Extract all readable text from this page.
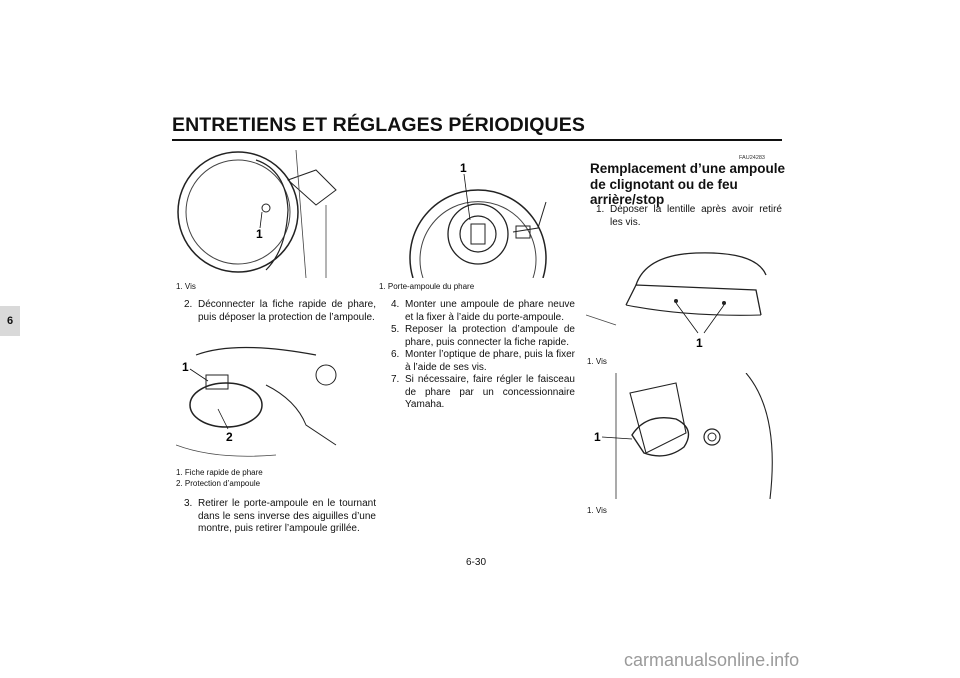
ENTRETIENS ET RÉGLAGES PÉRIODIQUES
6
1
1. Vis
2. Déconnecter la fiche rapide de phare, puis déposer la protection de l’ampoule.
1
2
1. Fiche rapide de phare
2. Protection d’ampoule
3. Retirer le porte-ampoule en le tournant dans le sens inverse des aiguilles d’une montre, puis retirer l’ampoule grillée.
1
1. Porte-ampoule du phare
4. Monter une ampoule de phare neuve et la fixer à l’aide du porte-ampoule.
5. Reposer la protection d’ampoule de phare, puis connecter la fiche rapide.
6. Monter l’optique de phare, puis la fixer à l’aide de ses vis.
7. Si nécessaire, faire régler le faisceau de phare par un concessionnaire Yamaha.
FAU24283
Remplacement d’une ampoule de clignotant ou de feu arrière/stop
1. Déposer la lentille après avoir retiré les vis.
1
1. Vis
1
1. Vis
6-30
carmanualsonline.info
